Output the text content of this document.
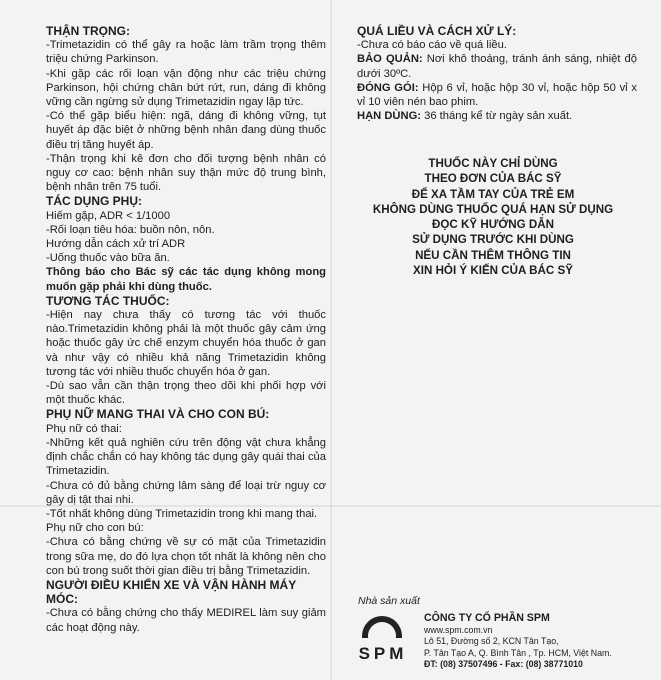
THẬN TRỌNG:

-Trimetazidin có thể gây ra hoặc làm trầm trọng thêm triệu chứng Parkinson.

-Khi gặp các rối loạn vận động như các triệu chứng Parkinson, hội chứng chân bứt rứt, run, dáng đi không vững cần ngừng sử dụng Trimetazidin ngay lập tức.

-Có thể gặp biểu hiện: ngã, dáng đi không vững, tụt huyết áp đặc biệt ở những bệnh nhân đang dùng thuốc điều trị tăng huyết áp.

-Thận trọng khi kê đơn cho đối tượng bệnh nhân có nguy cơ cao: bệnh nhân suy thận mức độ trung bình, bệnh nhân trên 75 tuổi.

TÁC DỤNG PHỤ:

Hiếm gặp, ADR < 1/1000

-Rối loạn tiêu hóa: buồn nôn, nôn.

Hướng dẫn cách xử trí ADR

-Uống thuốc vào bữa ăn.

Thông báo cho Bác sỹ các tác dụng không mong muốn gặp phải khi dùng thuốc.

TƯƠNG TÁC THUỐC:

-Hiện nay chưa thấy có tương tác với thuốc nào.Trimetazidin không phải là một thuốc gây cảm ứng hoặc thuốc gây ức chế enzym chuyển hóa thuốc ở gan và như vậy có nhiều khả năng Trimetazidin không tương tác với nhiều thuốc chuyển hóa ở gan.

-Dù sao vẫn cần thận trọng theo dõi khi phối hợp với một thuốc khác.

PHỤ NỮ MANG THAI VÀ CHO CON BÚ:

Phụ nữ có thai:

-Những kết quả nghiên cứu trên động vật chưa khẳng định chắc chắn có hay không tác dụng gây quái thai của Trimetazidin.

-Chưa có đủ bằng chứng lâm sàng để loại trừ nguy cơ gây dị tật thai nhi.

-Tốt nhất không dùng Trimetazidin trong khi mang thai.

Phụ nữ cho con bú:

-Chưa có bằng chứng về sự có mặt của Trimetazidin trong sữa mẹ, do đó lựa chọn tốt nhất là không nên cho con bú trong suốt thời gian điều trị bằng Trimetazidin.

NGƯỜI ĐIỀU KHIỂN XE VÀ VẬN HÀNH MÁY MÓC:

-Chưa có bằng chứng cho thấy MEDIREL làm suy giảm các hoạt động này.

QUÁ LIỀU VÀ CÁCH XỬ LÝ:

-Chưa có báo cáo về quá liều.

BẢO QUẢN: Nơi khô thoáng, tránh ánh sáng, nhiệt độ dưới 30ºC.

ĐÓNG GÓI: Hộp 6 vỉ, hoặc hộp 30 vỉ, hoặc hộp 50 vỉ x vỉ 10 viên nén bao phim.

HẠN DÙNG: 36 tháng kể từ ngày sản xuất.

THUỐC NÀY CHỈ DÙNG
THEO ĐƠN CỦA BÁC SỸ
ĐỂ XA TẦM TAY CỦA TRẺ EM
KHÔNG DÙNG THUỐC QUÁ HẠN SỬ DỤNG
ĐỌC KỸ HƯỚNG DẪN
SỬ DỤNG TRƯỚC KHI DÙNG
NẾU CẦN THÊM THÔNG TIN
XIN HỎI Ý KIẾN CỦA BÁC SỸ
Nhà sản xuất
SPM
CÔNG TY CỔ PHẦN SPM
www.spm.com.vn
Lô 51, Đường số 2, KCN Tân Tạo,
P. Tân Tạo A, Q. Bình Tân , Tp. HCM, Việt Nam.
ĐT: (08) 37507496 - Fax: (08) 38771010
